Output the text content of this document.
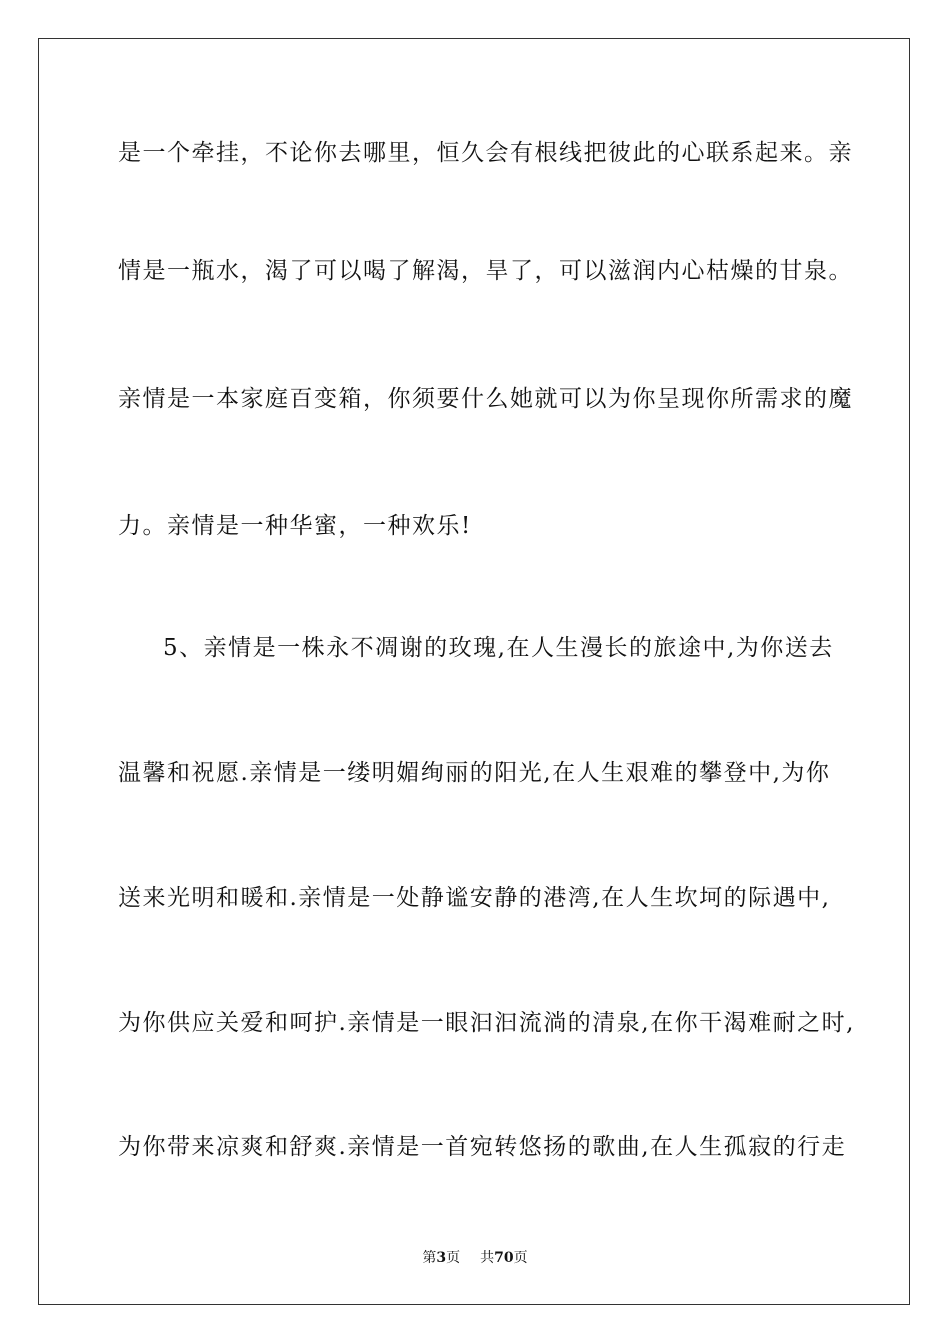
是一个牵挂，不论你去哪里，恒久会有根线把彼此的心联系起来。亲
情是一瓶水，渴了可以喝了解渴，旱了，可以滋润内心枯燥的甘泉。
亲情是一本家庭百变箱，你须要什么她就可以为你呈现你所需求的魔
力。亲情是一种华蜜，一种欢乐!
5、亲情是一株永不凋谢的玫瑰,在人生漫长的旅途中,为你送去
温馨和祝愿.亲情是一缕明媚绚丽的阳光,在人生艰难的攀登中,为你
送来光明和暖和.亲情是一处静谧安静的港湾,在人生坎坷的际遇中,
为你供应关爱和呵护.亲情是一眼汩汩流淌的清泉,在你干渴难耐之时,
为你带来凉爽和舒爽.亲情是一首宛转悠扬的歌曲,在人生孤寂的行走
第3页 共70页
